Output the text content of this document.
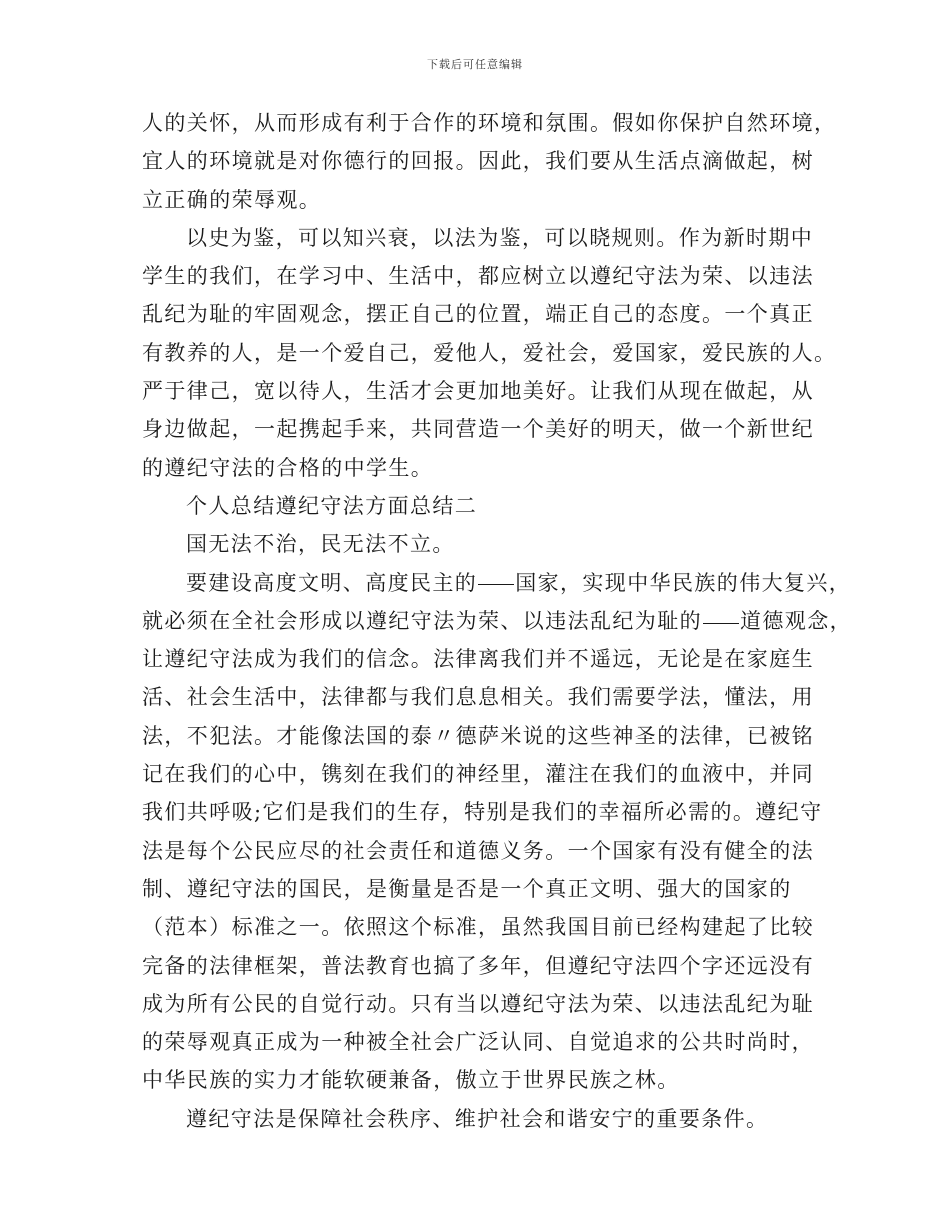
下载后可任意编辑
人的关怀，从而形成有利于合作的环境和氛围。假如你保护自然环境，
宜人的环境就是对你德行的回报。因此，我们要从生活点滴做起，树
立正确的荣辱观。
以史为鉴，可以知兴衰，以法为鉴，可以晓规则。作为新时期中
学生的我们，在学习中、生活中，都应树立以遵纪守法为荣、以违法
乱纪为耻的牢固观念，摆正自己的位置，端正自己的态度。一个真正
有教养的人，是一个爱自己，爱他人，爱社会，爱国家，爱民族的人。
严于律己，宽以待人，生活才会更加地美好。让我们从现在做起，从
身边做起，一起携起手来，共同营造一个美好的明天，做一个新世纪
的遵纪守法的合格的中学生。
个人总结遵纪守法方面总结二
国无法不治，民无法不立。
要建设高度文明、高度民主的 国家，实现中华民族的伟大复兴，
就必须在全社会形成以遵纪守法为荣、以违法乱纪为耻的 道德观念，
让遵纪守法成为我们的信念。法律离我们并不遥远，无论是在家庭生
活、社会生活中，法律都与我们息息相关。我们需要学法，懂法，用
法，不犯法。才能像法国的泰〃德萨米说的这些神圣的法律，已被铭
记在我们的心中，镌刻在我们的神经里，灌注在我们的血液中，并同
我们共呼吸;它们是我们的生存，特别是我们的幸福所必需的。遵纪守
法是每个公民应尽的社会责任和道德义务。一个国家有没有健全的法
制、遵纪守法的国民，是衡量是否是一个真正文明、强大的国家的
（范本）标准之一。依照这个标准，虽然我国目前已经构建起了比较
完备的法律框架，普法教育也搞了多年，但遵纪守法四个字还远没有
成为所有公民的自觉行动。只有当以遵纪守法为荣、以违法乱纪为耻
的荣辱观真正成为一种被全社会广泛认同、自觉追求的公共时尚时，
中华民族的实力才能软硬兼备，傲立于世界民族之林。
遵纪守法是保障社会秩序、维护社会和谐安宁的重要条件。
